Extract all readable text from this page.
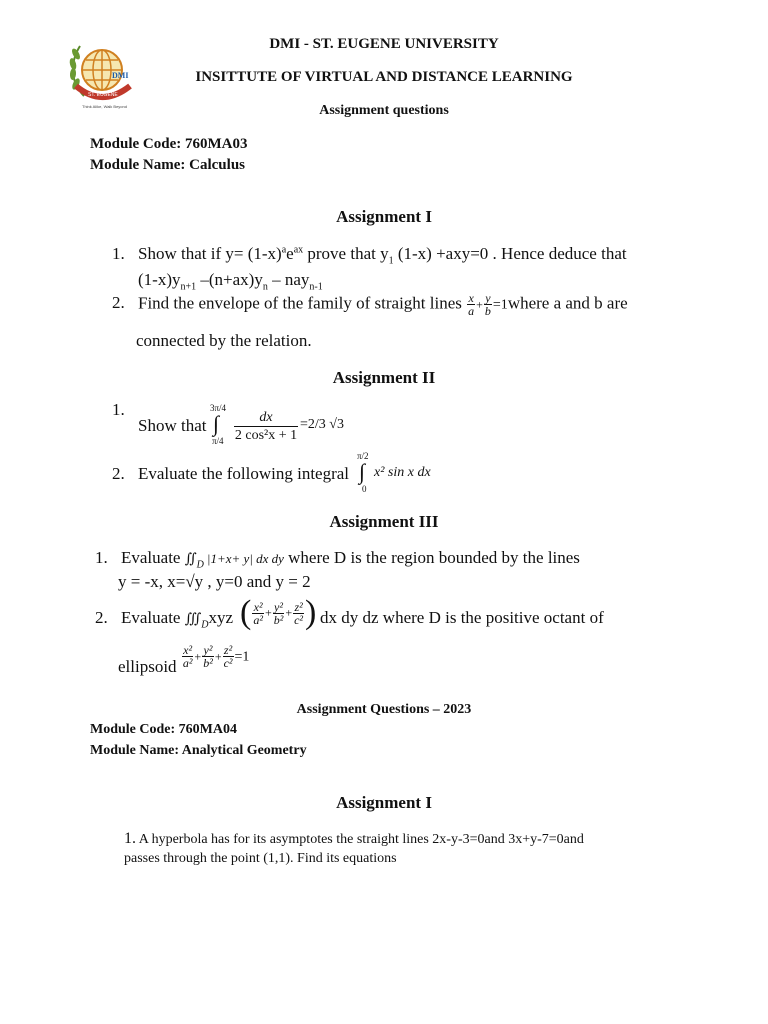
DMI
ST. EUGENE
Think Alike, Walk Beyond
DMI - ST. EUGENE UNIVERSITY
INSITTUTE OF VIRTUAL AND DISTANCE LEARNING
Assignment questions
Module Code: 760MA03
Module Name: Calculus
Assignment I
1. Show that if $y= (1-x)^ae^{ax}$ prove that $y_1$ (1-x) +axy=0 . Hence deduce that
$(1-x)y_{n+1}$ $-(n+ax)y_n - nay_{n-1}$
2. Find the envelope of the family of straight lines $\frac{x}{a} + \frac{y}{b}$ =1where a and b are
connected by the relation.
Assignment II
1.Show that
3π/4
∫
$\pi/4 \frac{dx}{\text{2 cos²x + 1}} =2/3$ √3
2. Evaluate the following integral
π/2
∫
0
x² sin x dx
Assignment III
1. Evaluate $∬_D$ |1+x+ y| dx dy where D is the region bounded by the lines
y = -x, x=√y , y=0 and y = 2
2. Evaluate $∭_Dxyz$ ( $\frac{\text{x²}}{\text{a²}} + \frac{\text{y²}}{\text{b²}} + \frac{\text{z²}}{\text{c²}}$ ) dx dy dz where D is the positive octant of
ellipsoid $\frac{\text{x²}}{\text{a²}} + \frac{\text{y²}}{\text{b²}} + \frac{\text{z²}}{\text{c²}} =1$
Assignment Questions – 2023
Module Code: 760MA04
Module Name: Analytical Geometry
Assignment I
1. A hyperbola has for its asymptotes the straight lines 2x-y-3=0and 3x+y-7=0and
passes through the point (1,1). Find its equations
